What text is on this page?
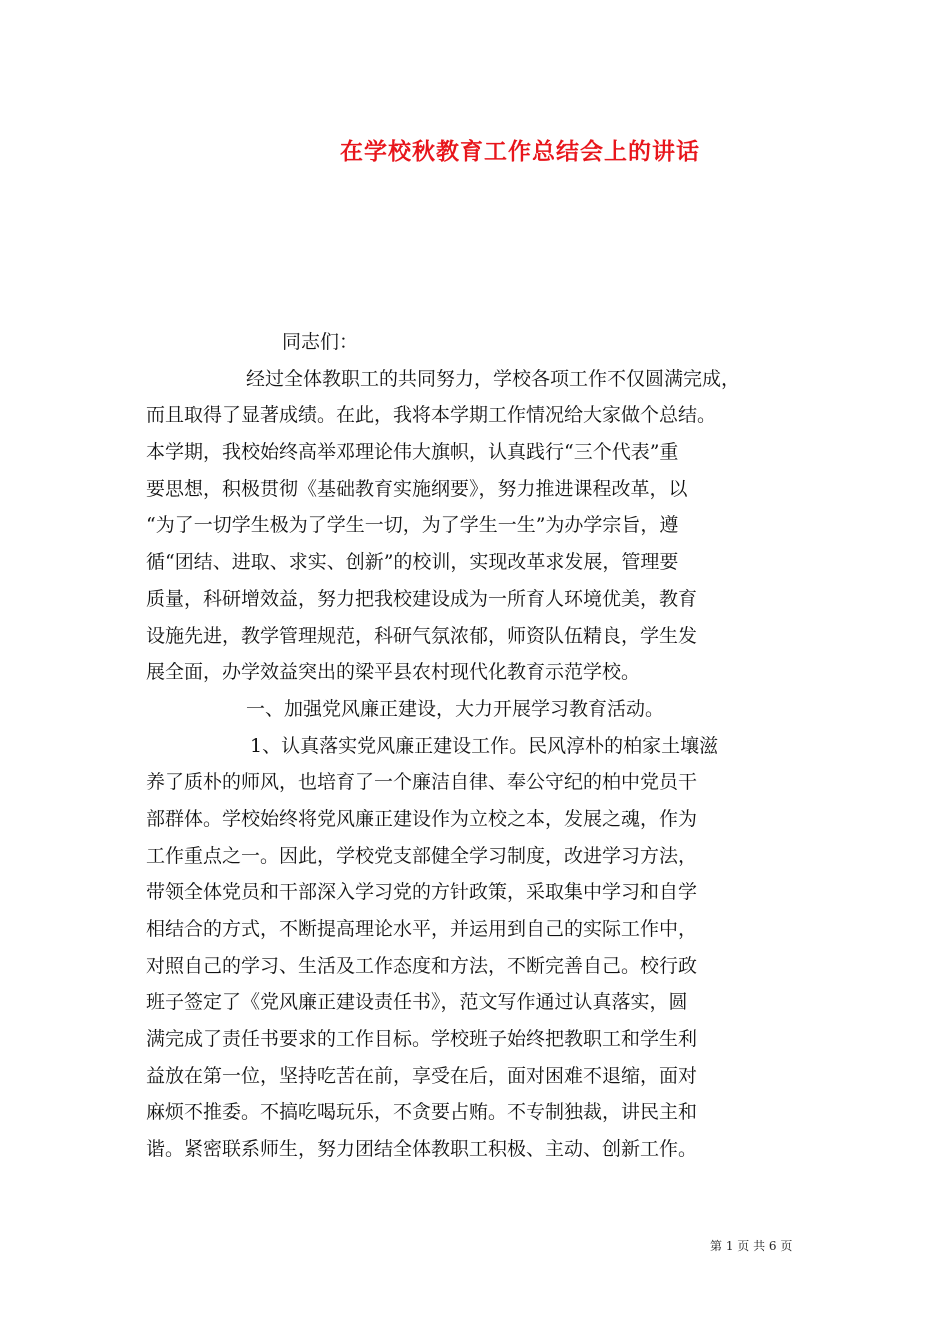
在学校秋教育工作总结会上的讲话
同志们：
经过全体教职工的共同努力，学校各项工作不仅圆满完成，
而且取得了显著成绩。在此，我将本学期工作情况给大家做个总结。
本学期，我校始终高举邓理论伟大旗帜，认真践行“三个代表”重
要思想，积极贯彻《基础教育实施纲要》，努力推进课程改革，以
“为了一切学生极为了学生一切，为了学生一生”为办学宗旨，遵
循“团结、进取、求实、创新”的校训，实现改革求发展，管理要
质量，科研增效益，努力把我校建设成为一所育人环境优美，教育
设施先进，教学管理规范，科研气氛浓郁，师资队伍精良，学生发
展全面，办学效益突出的梁平县农村现代化教育示范学校。
一、加强党风廉正建设，大力开展学习教育活动。
1、认真落实党风廉正建设工作。民风淳朴的柏家土壤滋
养了质朴的师风，也培育了一个廉洁自律、奉公守纪的柏中党员干
部群体。学校始终将党风廉正建设作为立校之本，发展之魂，作为
工作重点之一。因此，学校党支部健全学习制度，改进学习方法，
带领全体党员和干部深入学习党的方针政策，采取集中学习和自学
相结合的方式，不断提高理论水平，并运用到自己的实际工作中，
对照自己的学习、生活及工作态度和方法，不断完善自己。校行政
班子签定了《党风廉正建设责任书》，范文写作通过认真落实，圆
满完成了责任书要求的工作目标。学校班子始终把教职工和学生利
益放在第一位，坚持吃苦在前，享受在后，面对困难不退缩，面对
麻烦不推委。不搞吃喝玩乐，不贪要占贿。不专制独裁，讲民主和
谐。紧密联系师生，努力团结全体教职工积极、主动、创新工作。
第 1 页 共 6 页
